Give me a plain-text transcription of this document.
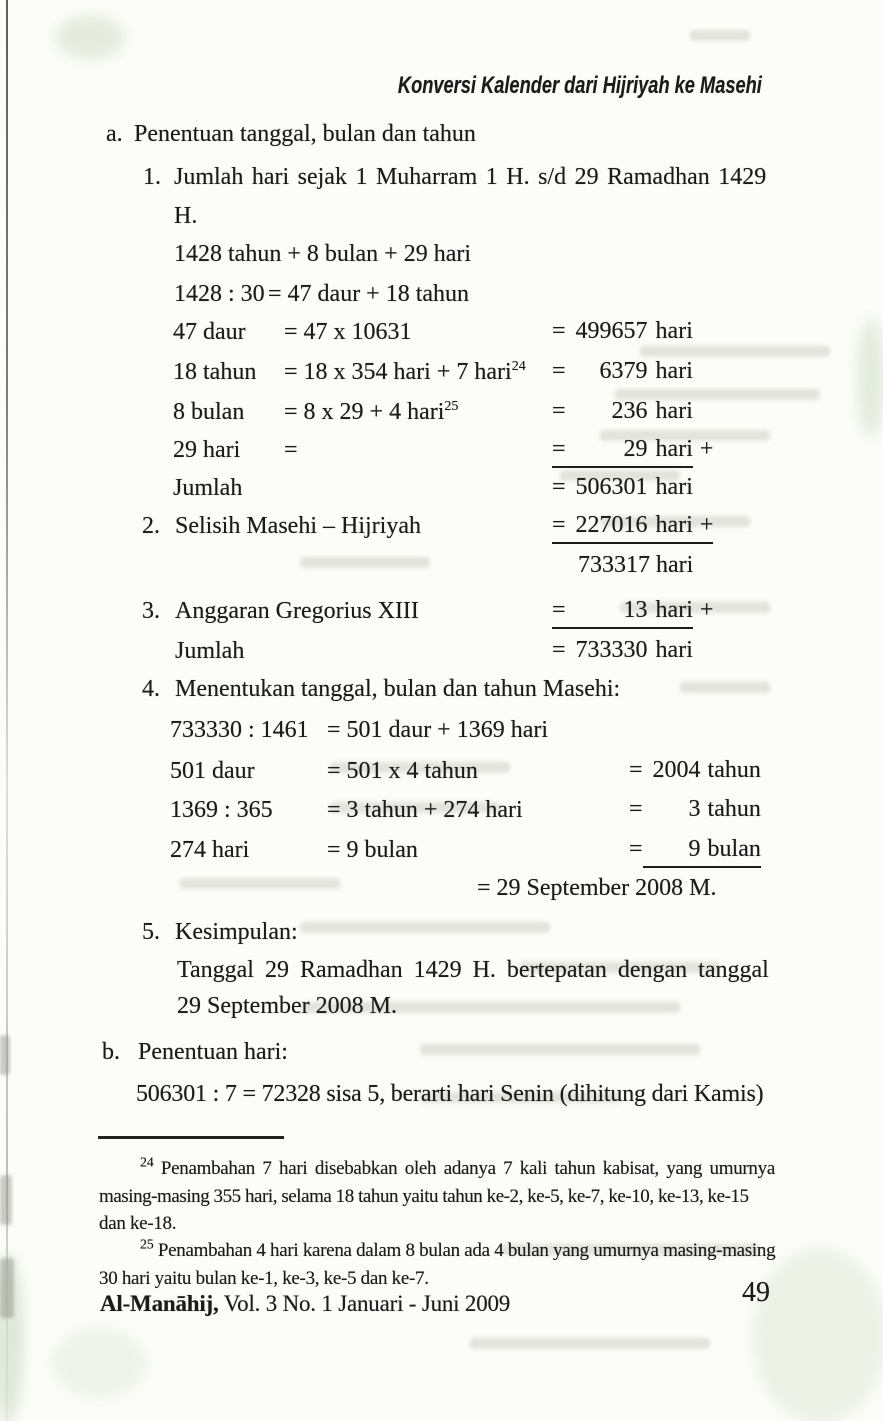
Konversi Kalender dari Hijriyah ke Masehi
a. Penentuan tanggal, bulan dan tahun
1. Jumlah hari sejak 1 Muharram 1 H. s/d 29 Ramadhan 1429
H.
1428 tahun + 8 bulan + 29 hari
1428 : 30 = 47 daur + 18 tahun
47 daur = 47 x 10631	= 499657 hari
18 tahun = 18 x 354 hari + 7 hari$^{24}$ =	6379 hari
8 bulan = 8 x 29 + 4 hari$^{25}$	=	236 hari
29 hari =	=	29 hari +
Jumlah	= 506301 hari
2. Selisih Masehi – Hijriyah	= 227016 hari +
733317 hari
3. Anggaran Gregorius XIII	=	13 hari +
Jumlah	= 733330 hari
4. Menentukan tanggal, bulan dan tahun Masehi:
733330 : 1461 = 501 daur + 1369 hari
501 daur	= 501 x 4 tahun	= 2004 tahun
1369 : 365 = 3 tahun + 274 hari	=	3 tahun
274 hari	= 9 bulan	=	9 bulan
= 29 September 2008 M.
5. Kesimpulan:
Tanggal 29 Ramadhan 1429 H. bertepatan dengan tanggal
29 September 2008 M.
b. Penentuan hari:
506301 : 7 = 72328 sisa 5, berarti hari Senin (dihitung dari Kamis)
$^{24}$ Penambahan 7 hari disebabkan oleh adanya 7 kali tahun kabisat, yang umurnya
masing-masing 355 hari, selama 18 tahun yaitu tahun ke-2, ke-5, ke-7, ke-10, ke-13, ke-15
dan ke-18.
$^{25}$ Penambahan 4 hari karena dalam 8 bulan ada 4 bulan yang umurnya masing-masing
30 hari yaitu bulan ke-1, ke-3, ke-5 dan ke-7.
Al-Manāhij, Vol. 3 No. 1 Januari - Juni 2009	49
